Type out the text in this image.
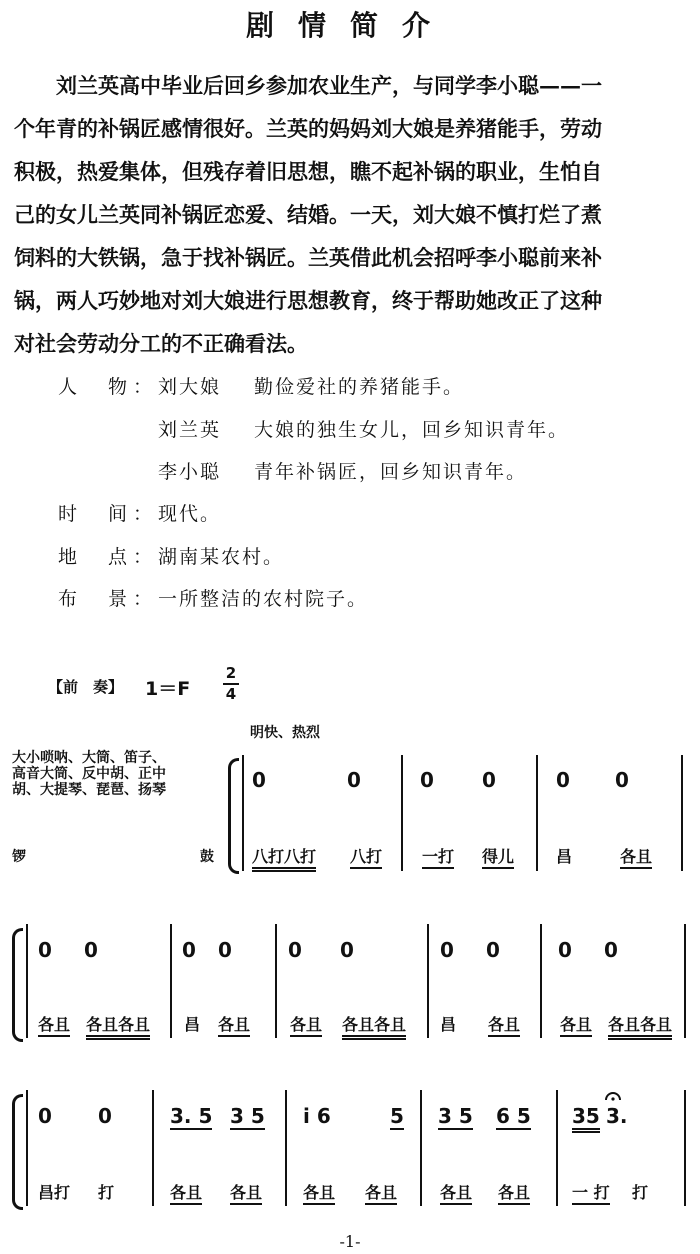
剧情简介
　　刘兰英高中毕业后回乡参加农业生产，与同学李小聪——一
个年青的补锅匠感情很好。兰英的妈妈刘大娘是养猪能手，劳动
积极，热爱集体，但残存着旧思想，瞧不起补锅的职业，生怕自
己的女儿兰英同补锅匠恋爱、结婚。一天，刘大娘不慎打烂了煮
饲料的大铁锅，急于找补锅匠。兰英借此机会招呼李小聪前来补
锅，两人巧妙地对刘大娘进行思想教育，终于帮助她改正了这种
对社会劳动分工的不正确看法。
人　物： 刘大娘 勤俭爱社的养猪能手。
刘兰英 大娘的独生女儿，回乡知识青年。
李小聪 青年补锅匠，回乡知识青年。
时　间： 现代。
地　点： 湖南某农村。
布　景： 一所整洁的农村院子。
【前　奏】 1＝F
2
4
明快、热烈
大小唢呐、大筒、笛子、
高音大筒、反中胡、正中
胡、大提琴、琵琶、扬琴
锣	鼓
0	0	0 0	0 0
八打八打 八打 一打 得儿	昌	各且
0 0	0 0	0 0	0 0	0 0
各且 各且各且 昌 各且 各且 各且各且 昌 各且 各且 各且各且
0 0	3. 5 3 5 i 6	5 3 5 6 5 35 3.
昌打 打	各且 各且	各且 各且	各且 各且	一 打 打
-1-
